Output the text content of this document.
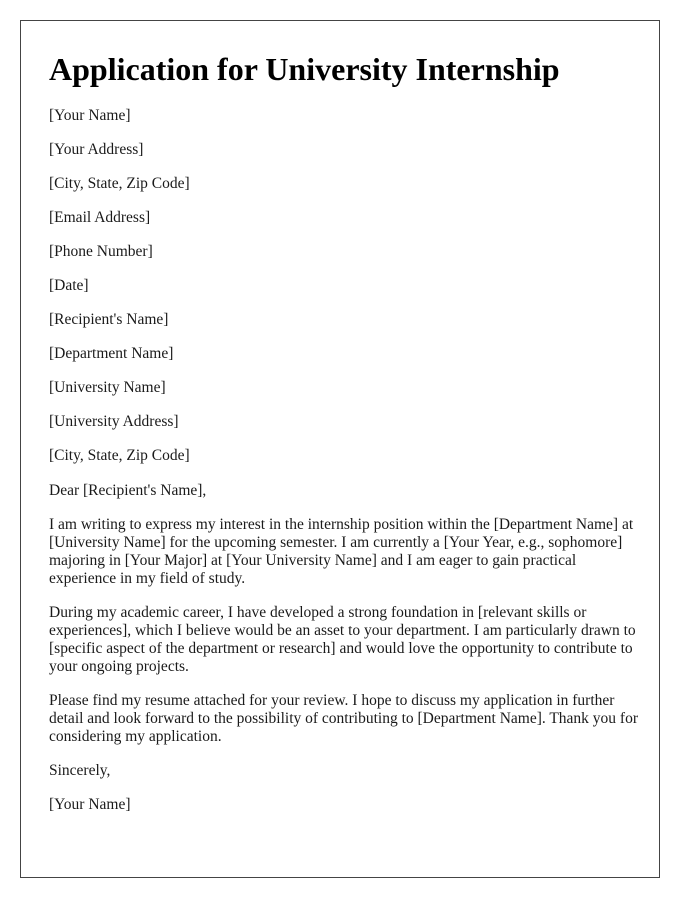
Application for University Internship
[Your Name]
[Your Address]
[City, State, Zip Code]
[Email Address]
[Phone Number]
[Date]
[Recipient's Name]
[Department Name]
[University Name]
[University Address]
[City, State, Zip Code]

Dear [Recipient's Name],

I am writing to express my interest in the internship position within the [Department Name] at [University Name] for the upcoming semester. I am currently a [Your Year, e.g., sophomore] majoring in [Your Major] at [Your University Name] and I am eager to gain practical experience in my field of study.

During my academic career, I have developed a strong foundation in [relevant skills or experiences], which I believe would be an asset to your department. I am particularly drawn to [specific aspect of the department or research] and would love the opportunity to contribute to your ongoing projects.

Please find my resume attached for your review. I hope to discuss my application in further detail and look forward to the possibility of contributing to [Department Name]. Thank you for considering my application.

Sincerely,

[Your Name]
